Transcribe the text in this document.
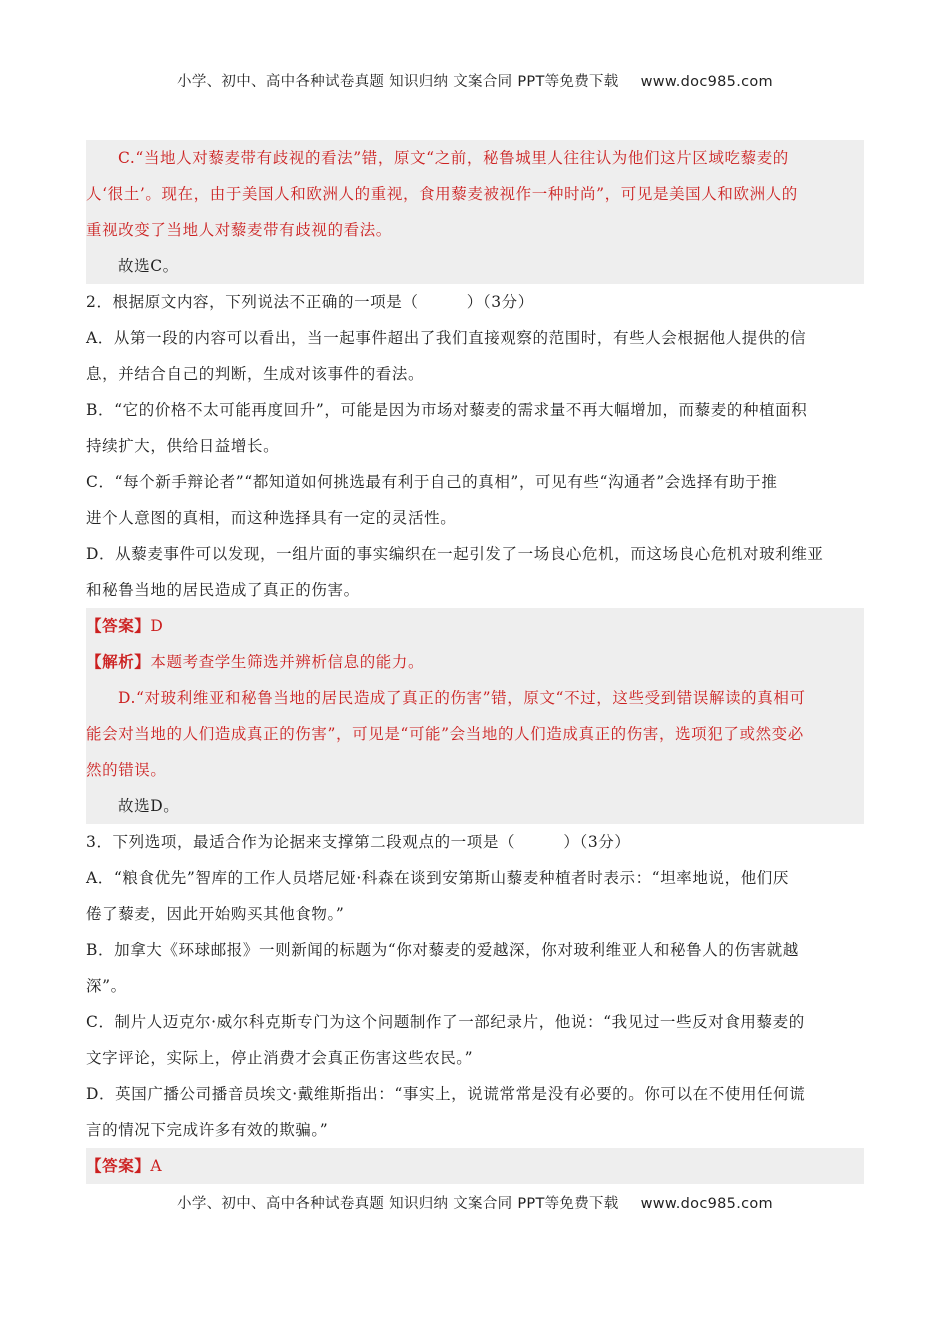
小学、初中、高中各种试卷真题 知识归纳 文案合同 PPT等免费下载 www.doc985.com
C.“当地人对藜麦带有歧视的看法”错，原文“之前，秘鲁城里人往往认为他们这片区域吃藜麦的
人‘很土’。现在，由于美国人和欧洲人的重视，食用藜麦被视作一种时尚”，可见是美国人和欧洲人的
重视改变了当地人对藜麦带有歧视的看法。
故选C。
2．根据原文内容，下列说法不正确的一项是（　　　）（3分）
A．从第一段的内容可以看出，当一起事件超出了我们直接观察的范围时，有些人会根据他人提供的信
息，并结合自己的判断，生成对该事件的看法。
B．“它的价格不太可能再度回升”，可能是因为市场对藜麦的需求量不再大幅增加，而藜麦的种植面积
持续扩大，供给日益增长。
C．“每个新手辩论者”“都知道如何挑选最有利于自己的真相”，可见有些“沟通者”会选择有助于推
进个人意图的真相，而这种选择具有一定的灵活性。
D．从藜麦事件可以发现，一组片面的事实编织在一起引发了一场良心危机，而这场良心危机对玻利维亚
和秘鲁当地的居民造成了真正的伤害。
【答案】D
【解析】本题考查学生筛选并辨析信息的能力。
D.“对玻利维亚和秘鲁当地的居民造成了真正的伤害”错，原文“不过，这些受到错误解读的真相可
能会对当地的人们造成真正的伤害”，可见是“可能”会当地的人们造成真正的伤害，选项犯了或然变必
然的错误。
故选D。
3．下列选项，最适合作为论据来支撑第二段观点的一项是（　　　）（3分）
A．“粮食优先”智库的工作人员塔尼娅·科森在谈到安第斯山藜麦种植者时表示：“坦率地说，他们厌
倦了藜麦，因此开始购买其他食物。”
B．加拿大《环球邮报》一则新闻的标题为“你对藜麦的爱越深，你对玻利维亚人和秘鲁人的伤害就越
深”。
C．制片人迈克尔·威尔科克斯专门为这个问题制作了一部纪录片，他说：“我见过一些反对食用藜麦的
文字评论，实际上，停止消费才会真正伤害这些农民。”
D．英国广播公司播音员埃文·戴维斯指出：“事实上，说谎常常是没有必要的。你可以在不使用任何谎
言的情况下完成许多有效的欺骗。”
【答案】A
小学、初中、高中各种试卷真题 知识归纳 文案合同 PPT等免费下载 www.doc985.com
